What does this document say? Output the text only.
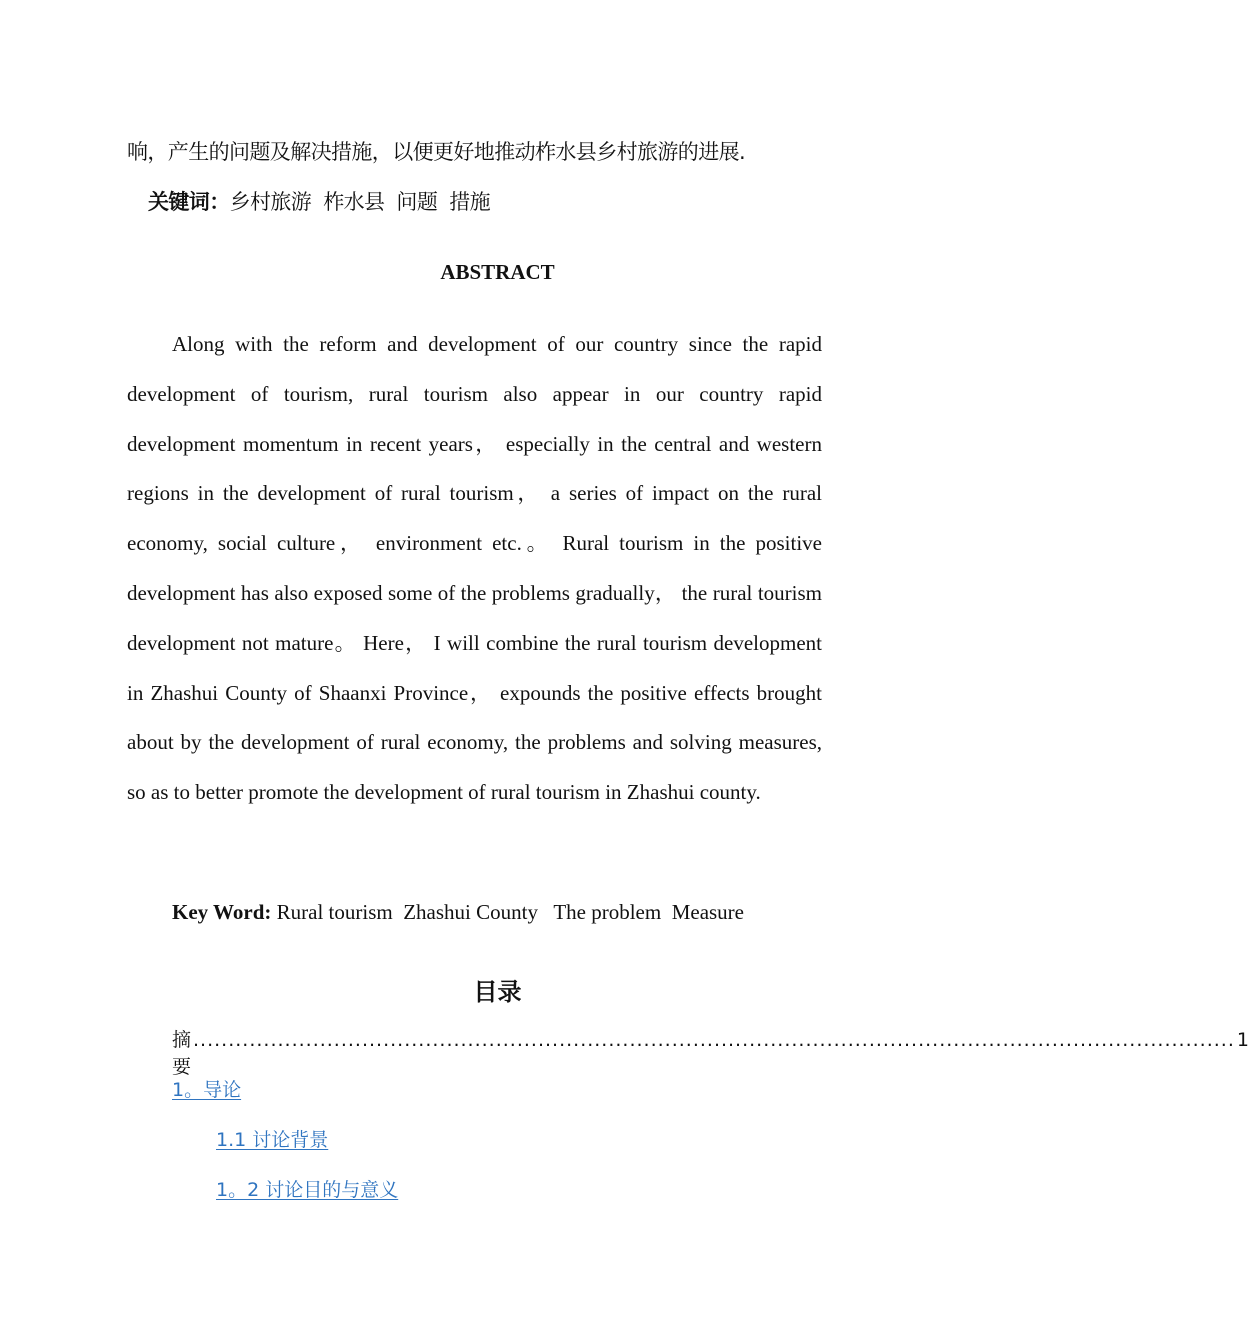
响，产生的问题及解决措施，以便更好地推动柞水县乡村旅游的进展.
关键词：乡村旅游 柞水县 问题 措施
ABSTRACT

Along with the reform and development of our country since the rapid development of tourism, rural tourism also appear in our country rapid development momentum in recent years， especially in the central and western regions in the development of rural tourism， a series of impact on the rural economy, social culture， environment etc.。 Rural tourism in the positive development has also exposed some of the problems gradually， the rural tourism development not mature。 Here， I will combine the rural tourism development in Zhashui County of Shaanxi Province， expounds the positive effects brought about by the development of rural economy, the problems and solving measures, so as to better promote the development of rural tourism in Zhashui county.

Key Word: Rural tourism  Zhashui County   The problem  Measure
目录
摘要
.................................................................................................................................................... 1
1。导论
1.1 讨论背景
1。2 讨论目的与意义
